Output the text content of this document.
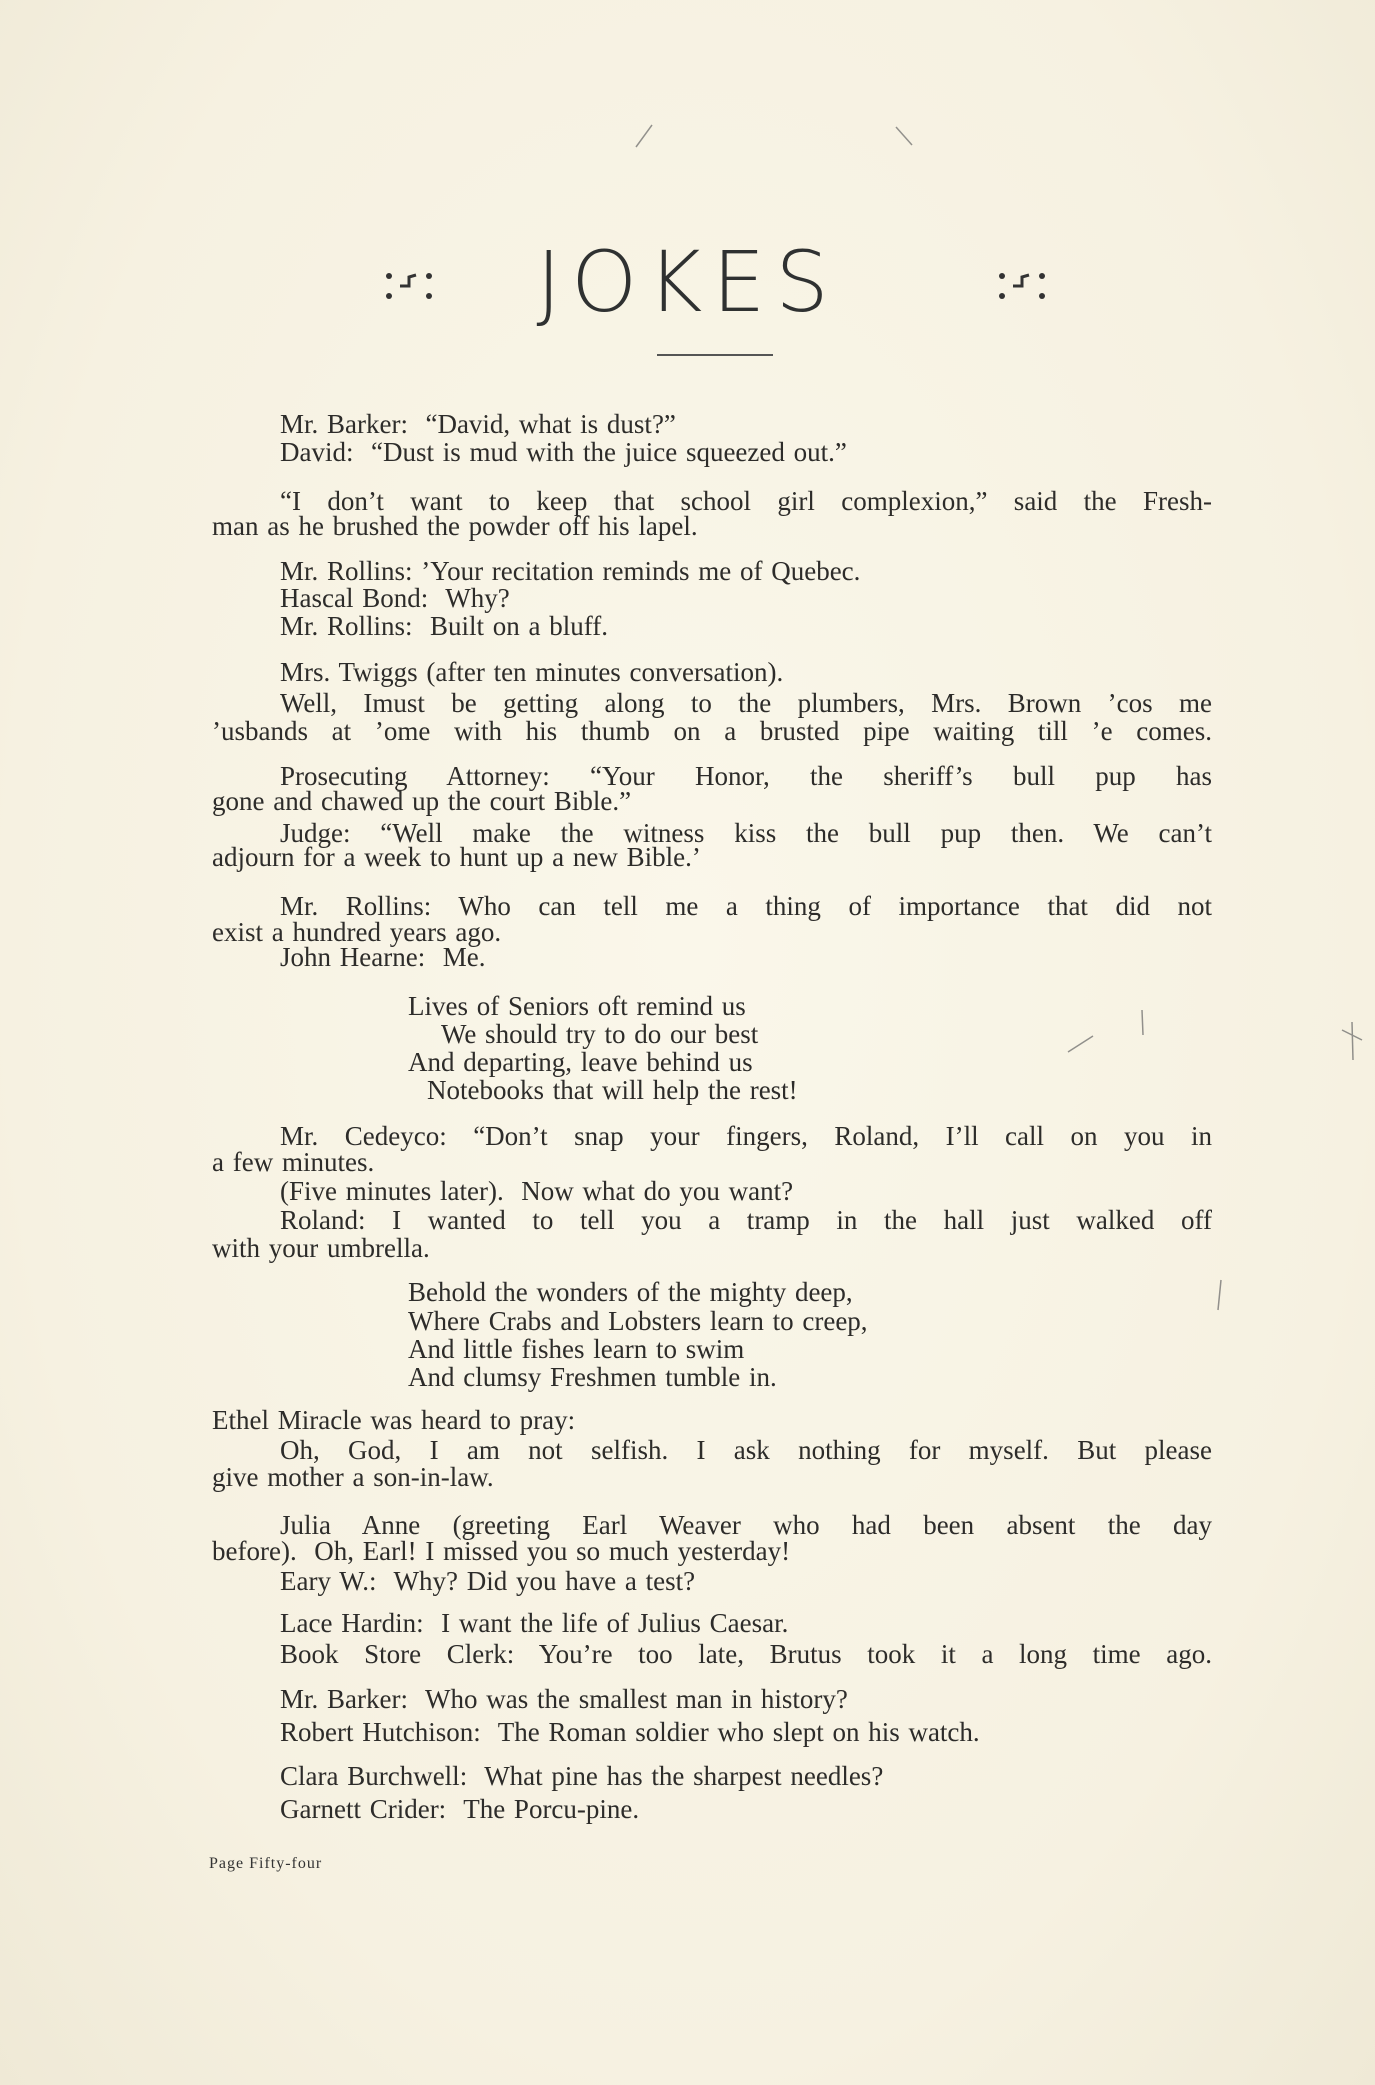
JOKES
Mr. Barker:  “David, what is dust?”
David:  “Dust is mud with the juice squeezed out.”
“I don’t want to keep that school girl complexion,” said the Fresh-
man as he brushed the powder off his lapel.
Mr. Rollins: ’Your recitation reminds me of Quebec.
Hascal Bond:  Why?
Mr. Rollins:  Built on a bluff.
Mrs. Twiggs (after ten minutes conversation).
Well, Imust be getting along to the plumbers, Mrs. Brown ’cos me
’usbands at ’ome with his thumb on a brusted pipe waiting till ’e comes.
Prosecuting Attorney: “Your Honor, the sheriff’s bull pup has
gone and chawed up the court Bible.”
Judge: “Well make the witness kiss the bull pup then. We can’t
adjourn for a week to hunt up a new Bible.’
Mr. Rollins: Who can tell me a thing of importance that did not
exist a hundred years ago.
John Hearne:  Me.
Lives of Seniors oft remind us
We should try to do our best
And departing, leave behind us
Notebooks that will help the rest!
Mr. Cedeyco: “Don’t snap your fingers, Roland, I’ll call on you in
a few minutes.
(Five minutes later).  Now what do you want?
Roland: I wanted to tell you a tramp in the hall just walked off
with your umbrella.
Behold the wonders of the mighty deep,
Where Crabs and Lobsters learn to creep,
And little fishes learn to swim
And clumsy Freshmen tumble in.
Ethel Miracle was heard to pray:
Oh, God, I am not selfish. I ask nothing for myself. But please
give mother a son-in-law.
Julia Anne (greeting Earl Weaver who had been absent the day
before).  Oh, Earl! I missed you so much yesterday!
Eary W.:  Why? Did you have a test?
Lace Hardin:  I want the life of Julius Caesar.
Book Store Clerk: You’re too late, Brutus took it a long time ago.
Mr. Barker:  Who was the smallest man in history?
Robert Hutchison:  The Roman soldier who slept on his watch.
Clara Burchwell:  What pine has the sharpest needles?
Garnett Crider:  The Porcu-pine.
Page Fifty-four
